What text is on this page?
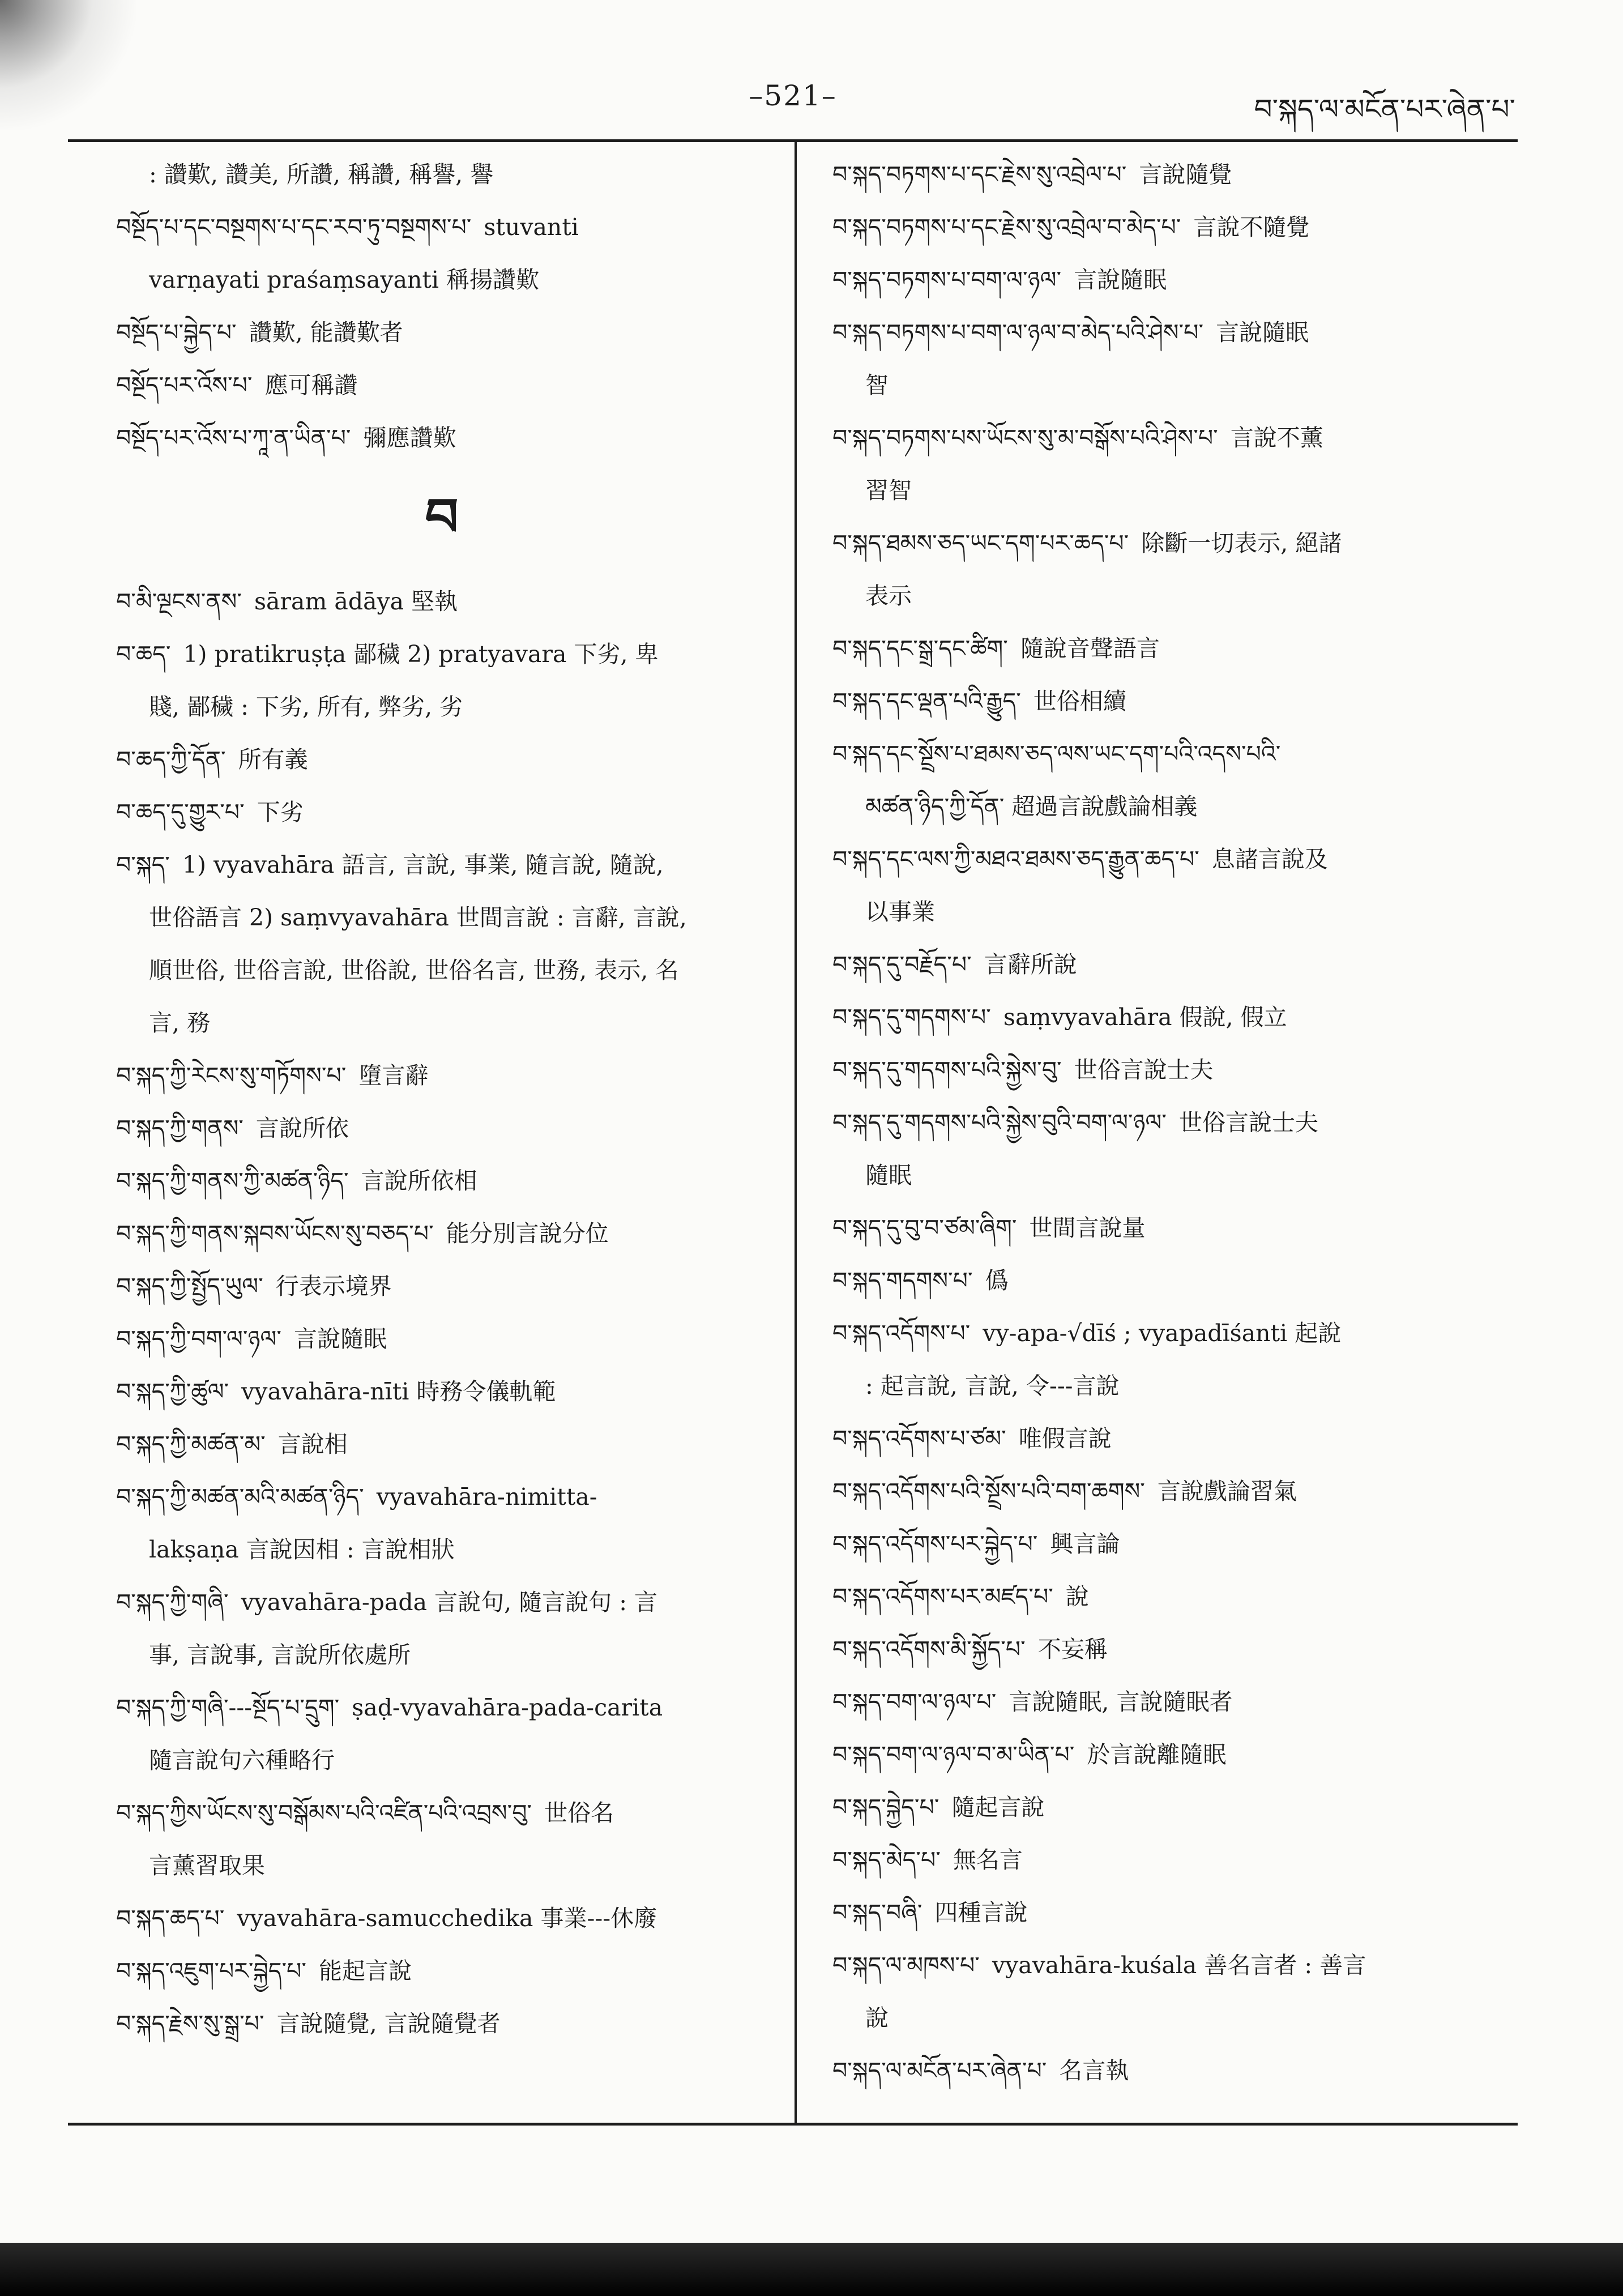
–521–	བ་སྐད་ལ་མངོན་པར་ཞེན་པ་

: 讚歎, 讚美, 所讚, 稱讚, 稱譽, 譽

བསྔོད་པ་དང་བསྔགས་པ་དང་རབ་ཏུ་བསྔགས་པ་ stuvanti

varṇayati praśaṃsayanti 稱揚讚歎

བསྔོད་པ་བྐྱེད་པ་ 讚歎, 能讚歎者

བསྔོད་པར་འོས་པ་ 應可稱讚

བསྔོད་པར་འོས་པ་ཀཱ་ན་ཡིན་པ་ 彌應讚歎

བ

བ་མི་ལྔངས་ནས་ sāram ādāya 堅執

བ་ཆད་ 1) pratikruṣṭa 鄙穢 2) pratyavara 下劣, 卑

賤, 鄙穢 : 下劣, 所有, 弊劣, 劣

བ་ཆད་ཀྱི་དོན་ 所有義

བ་ཆད་དུ་གྱུར་པ་ 下劣

བ་སྐད་ 1) vyavahāra 語言, 言說, 事業, 隨言說, 隨說,

世俗語言 2) saṃvyavahāra 世間言說 : 言辭, 言說,

順世俗, 世俗言說, 世俗說, 世俗名言, 世務, 表示, 名

言, 務

བ་སྐད་ཀྱི་རེངས་སུ་གཏོགས་པ་ 墮言辭

བ་སྐད་ཀྱི་གནས་ 言說所依

བ་སྐད་ཀྱི་གནས་ཀྱི་མཚན་ཉིད་ 言說所依相

བ་སྐད་ཀྱི་གནས་སྐབས་ཡོངས་སུ་བཅད་པ་ 能分別言說分位

བ་སྐད་ཀྱི་སྤྱོད་ཡུལ་ 行表示境界

བ་སྐད་ཀྱི་བག་ལ་ཉལ་ 言說隨眠

བ་སྐད་ཀྱི་ཚུལ་ vyavahāra-nīti 時務令儀軌範

བ་སྐད་ཀྱི་མཚན་མ་ 言說相

བ་སྐད་ཀྱི་མཚན་མའི་མཚན་ཉིད་ vyavahāra-nimitta-

lakṣaṇa 言說因相 : 言說相狀

བ་སྐད་ཀྱི་གཞི་ vyavahāra-pada 言說句, 隨言說句 : 言

事, 言說事, 言說所依處所

བ་སྐད་ཀྱི་གཞི་---སྔོད་པ་དྲུག་ ṣaḍ-vyavahāra-pada-carita

隨言說句六種略行

བ་སྐད་ཀྱིས་ཡོངས་སུ་བསྒོམས་པའི་འཛིན་པའི་འབྲས་བུ་ 世俗名

言薰習取果

བ་སྐད་ཆད་པ་ vyavahāra-samucchedika 事業---休廢

བ་སྐད་འཇུག་པར་བྐྱེད་པ་ 能起言說

བ་སྐད་རྗེས་སུ་སྒྲ་པ་ 言說隨覺, 言說隨覺者

བ་སྐད་བཏགས་པ་དང་རྗེས་སུ་འབྲེལ་པ་ 言說隨覺

བ་སྐད་བཏགས་པ་དང་རྗེས་སུ་འབྲེལ་བ་མེད་པ་ 言說不隨覺

བ་སྐད་བཏགས་པ་བག་ལ་ཉལ་ 言說隨眠

བ་སྐད་བཏགས་པ་བག་ལ་ཉལ་བ་མེད་པའི་ཤེས་པ་ 言說隨眠

智

བ་སྐད་བཏགས་པས་ཡོངས་སུ་མ་བསྒོས་པའི་ཤེས་པ་ 言說不薰

習智

བ་སྐད་ཐམས་ཅད་ཡང་དག་པར་ཆད་པ་ 除斷一切表示, 絕諸

表示

བ་སྐད་དང་སྒྲ་དང་ཚིག་ 隨說音聲語言

བ་སྐད་དང་ལྡན་པའི་རྒྱུད་ 世俗相續

བ་སྐད་དང་སྔྲོས་པ་ཐམས་ཅད་ལས་ཡང་དག་པའི་འདས་པའི་

མཚན་ཉིད་ཀྱི་དོན་ 超過言說戲論相義

བ་སྐད་དང་ལས་ཀྱི་མཐའ་ཐམས་ཅད་རྒྱུན་ཆད་པ་ 息諸言說及

以事業

བ་སྐད་དུ་བརྗོད་པ་ 言辭所說

བ་སྐད་དུ་གདགས་པ་ saṃvyavahāra 假說, 假立

བ་སྐད་དུ་གདགས་པའི་སྐྱེས་བུ་ 世俗言說士夫

བ་སྐད་དུ་གདགས་པའི་སྐྱེས་བུའི་བག་ལ་ཉལ་ 世俗言說士夫

隨眠

བ་སྐད་དུ་བུ་བ་ཙམ་ཞིག་ 世間言說量

བ་སྐད་གདགས་པ་ 僞

བ་སྐད་འདོགས་པ་ vy-apa-√dīś ; vyapadīśanti 起說

: 起言說, 言說, 令---言說

བ་སྐད་འདོགས་པ་ཙམ་ 唯假言說

བ་སྐད་འདོགས་པའི་སྔྲོས་པའི་བག་ཆགས་ 言說戲論習氣

བ་སྐད་འདོགས་པར་བྐྱེད་པ་ 興言論

བ་སྐད་འདོགས་པར་མཛད་པ་ 說

བ་སྐད་འདོགས་མི་སྐྱོད་པ་ 不妄稱

བ་སྐད་བག་ལ་ཉལ་པ་ 言說隨眠, 言說隨眠者

བ་སྐད་བག་ལ་ཉལ་བ་མ་ཡིན་པ་ 於言說離隨眠

བ་སྐད་བྐྱེད་པ་ 隨起言說

བ་སྐད་མེད་པ་ 無名言

བ་སྐད་བཞི་ 四種言說

བ་སྐད་ལ་མཁས་པ་ vyavahāra-kuśala 善名言者 : 善言

說

བ་སྐད་ལ་མངོན་པར་ཞེན་པ་ 名言執
